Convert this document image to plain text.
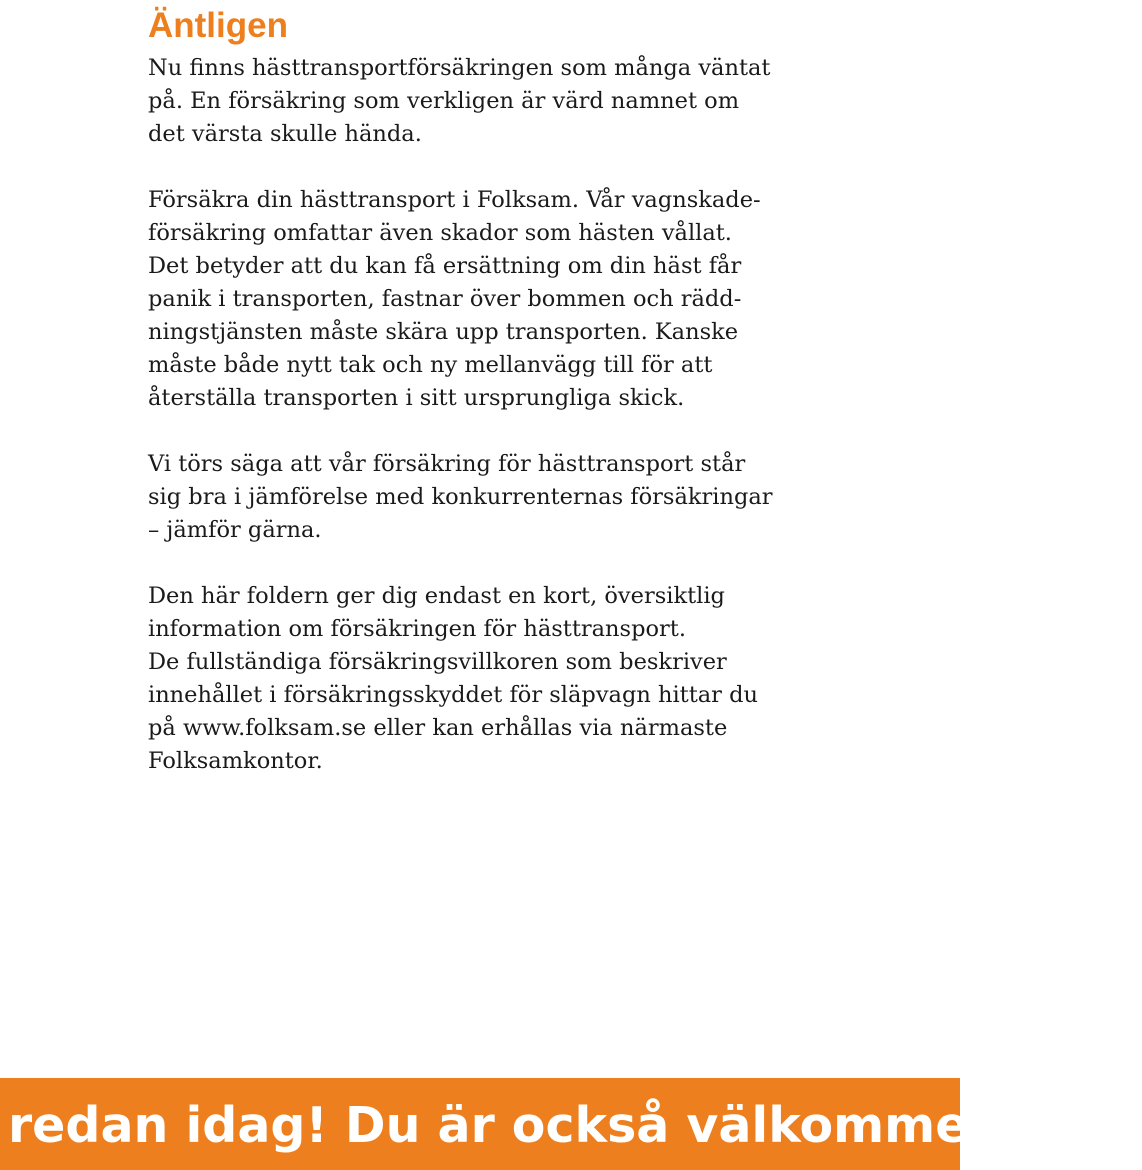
Äntligen

Nu finns hästtransportförsäkringen som många väntat
på. En försäkring som verkligen är värd namnet om
det värsta skulle hända.

Försäkra din hästtransport i Folksam. Vår vagnskade-
försäkring omfattar även skador som hästen vållat.
Det betyder att du kan få ersättning om din häst får
panik i transporten, fastnar över bommen och rädd-
ningstjänsten måste skära upp transporten. Kanske
måste både nytt tak och ny mellanvägg till för att
återställa transporten i sitt ursprungliga skick.

Vi törs säga att vår försäkring för hästtransport står
sig bra i jämförelse med konkurrenternas försäkringar
– jämför gärna.

Den här foldern ger dig endast en kort, översiktlig
information om försäkringen för hästtransport.
De fullständiga försäkringsvillkoren som beskriver
innehållet i försäkringsskyddet för släpvagn hittar du
på www.folksam.se eller kan erhållas via närmaste
Folksamkontor.

redan idag! Du är också välkommen att r
